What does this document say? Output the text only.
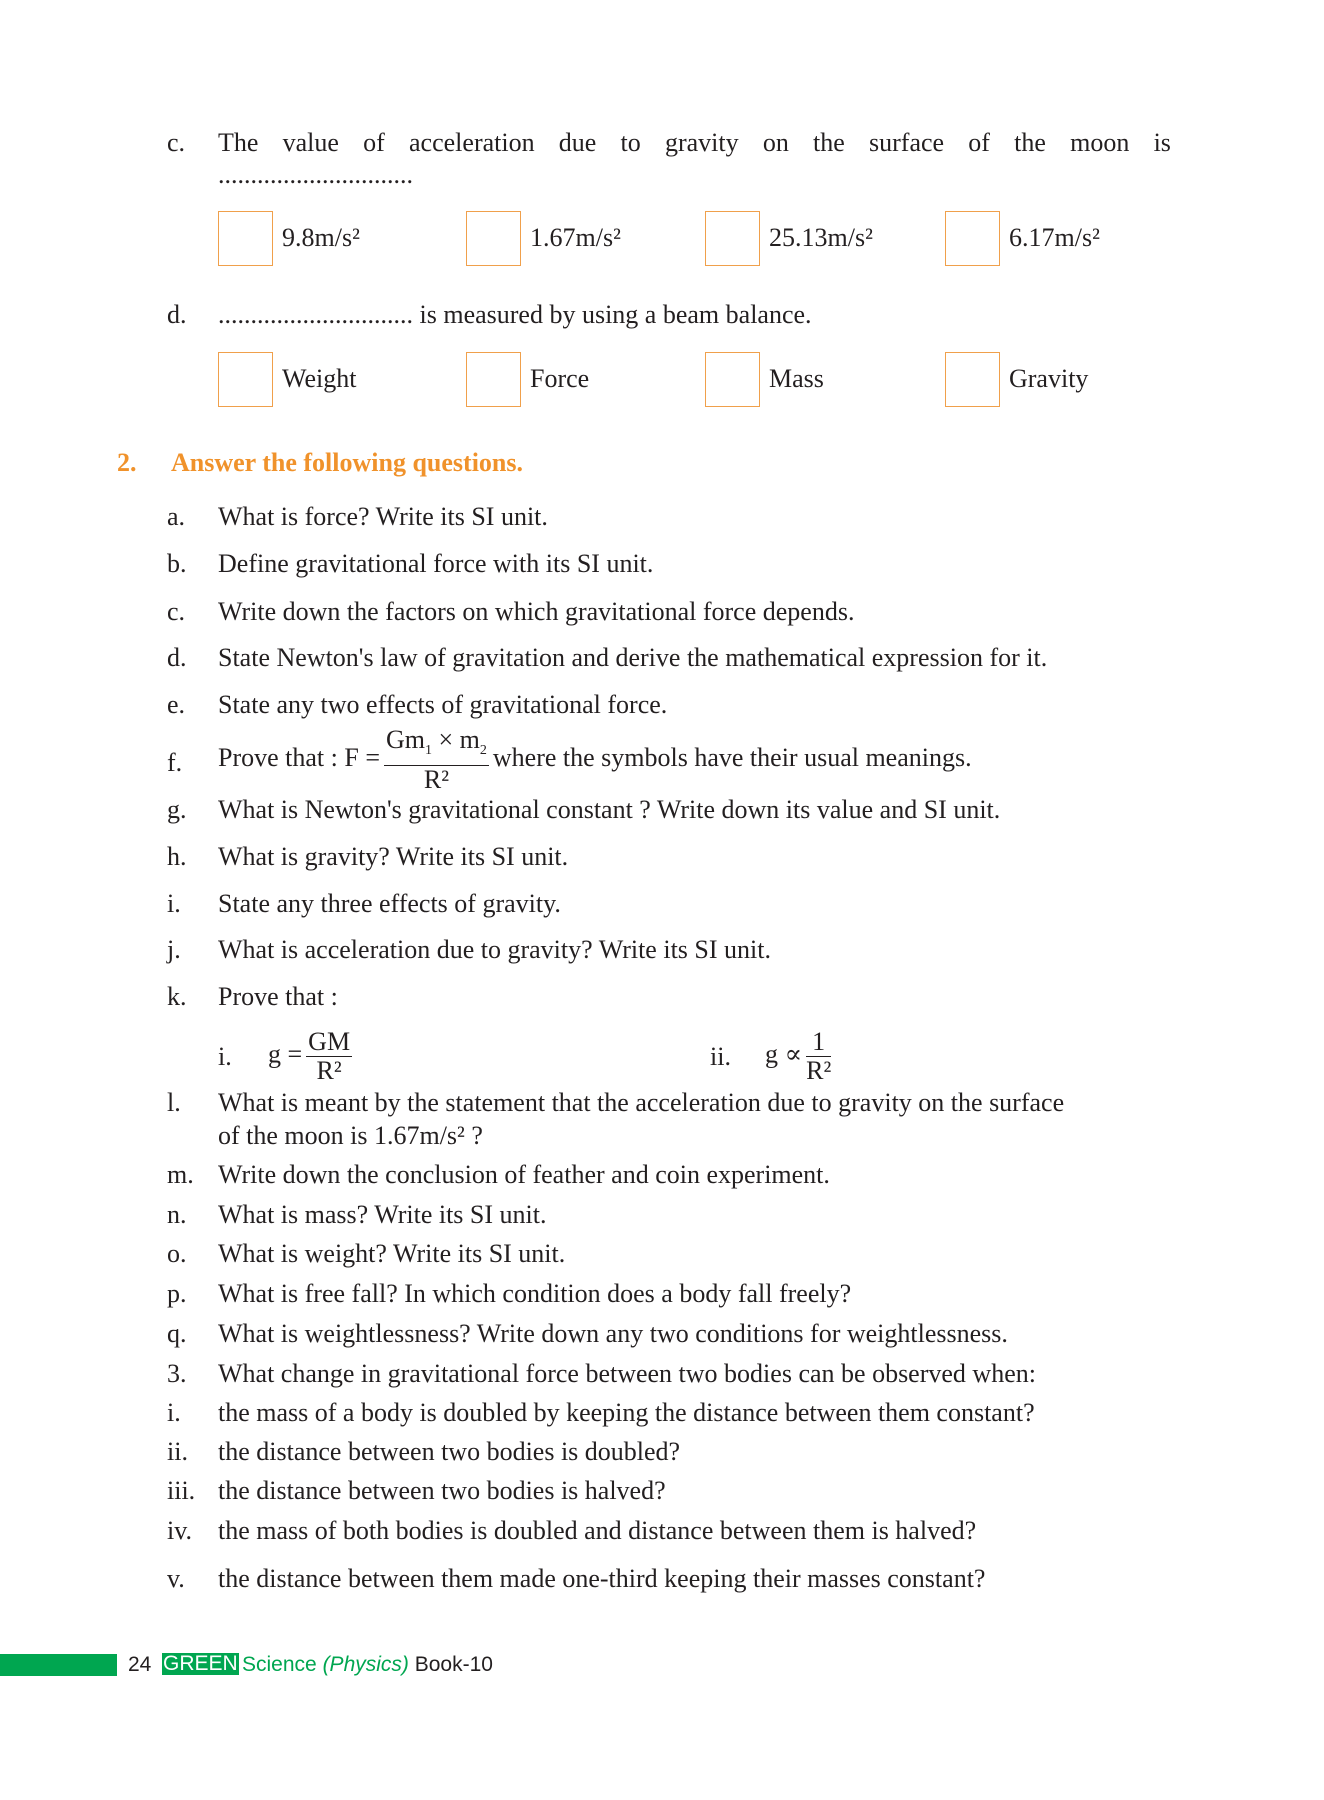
c. The value of acceleration due to gravity on the surface of the moon is
..............................
9.8m/s²	1.67m/s²	25.13m/s²	6.17m/s²
d. .............................. is measured by using a beam balance.
Weight	Force	Mass	Gravity
2. Answer the following questions.
a. What is force? Write its SI unit.
b. Define gravitational force with its SI unit.
c. Write down the factors on which gravitational force depends.
d. State Newton's law of gravitation and derive the mathematical expression for it.
e. State any two effects of gravitational force.
f. Prove that : $F = \frac{Gm_1 \times m_2}{\text{R²}}$ where the symbols have their usual meanings.
g. What is Newton's gravitational constant ? Write down its value and SI unit.
h. What is gravity? Write its SI unit.
i. State any three effects of gravity.
j. What is acceleration due to gravity? Write its SI unit.
k. Prove that :
i. $g = \frac{GM}{\text{R²}}$	ii. $g \propto \frac{1}{\text{R²}}$
l. What is meant by the statement that the acceleration due to gravity on the surface
of the moon is 1.67m/s² ?
m. Write down the conclusion of feather and coin experiment.
n. What is mass? Write its SI unit.
o. What is weight? Write its SI unit.
p. What is free fall? In which condition does a body fall freely?
q. What is weightlessness? Write down any two conditions for weightlessness.
3. What change in gravitational force between two bodies can be observed when:
i. the mass of a body is doubled by keeping the distance between them constant?
ii. the distance between two bodies is doubled?
iii. the distance between two bodies is halved?
iv. the mass of both bodies is doubled and distance between them is halved?
v. the distance between them made one-third keeping their masses constant?
24 GREEN Science (Physics) Book-10
